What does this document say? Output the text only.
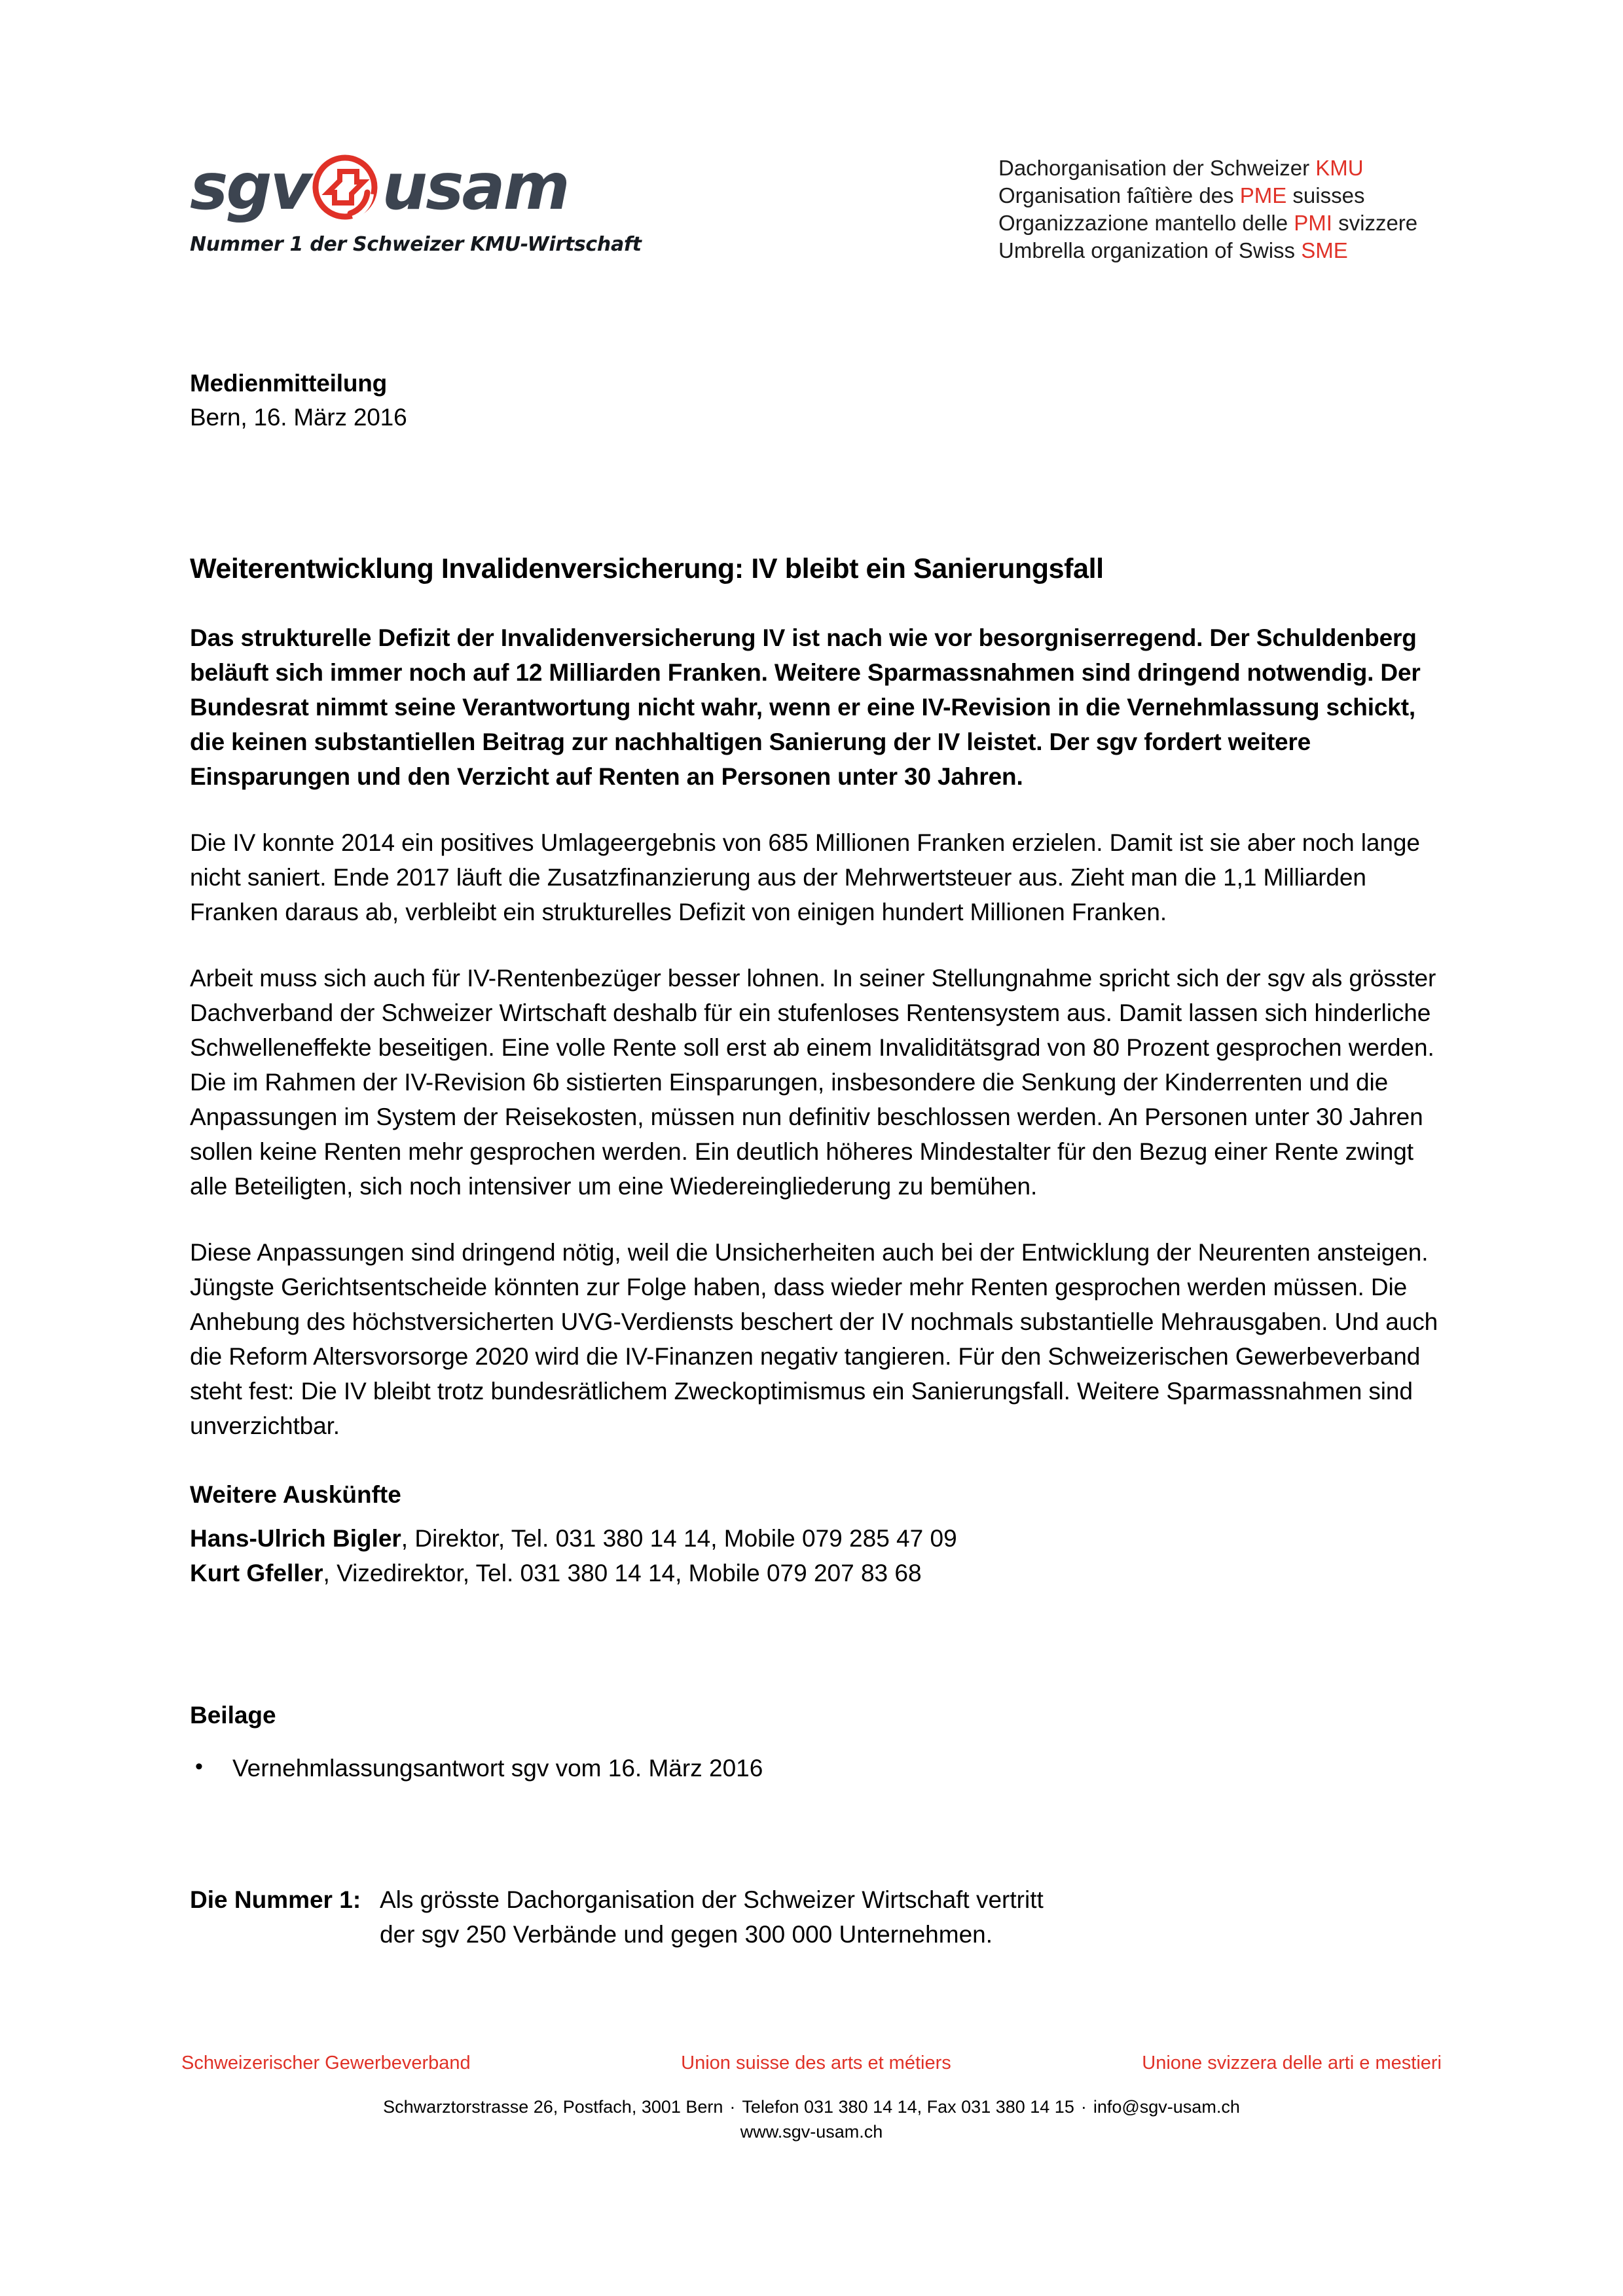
sgv usam
Nummer 1 der Schweizer KMU-Wirtschaft
Dachorganisation der Schweizer KMU
Organisation faîtière des PME suisses
Organizzazione mantello delle PMI svizzere
Umbrella organization of Swiss SME
Medienmitteilung
Bern, 16. März 2016
Weiterentwicklung Invalidenversicherung: IV bleibt ein Sanierungsfall
Das strukturelle Defizit der Invalidenversicherung IV ist nach wie vor besorgniserregend. Der Schuldenberg beläuft sich immer noch auf 12 Milliarden Franken. Weitere Sparmassnahmen sind dringend notwendig. Der Bundesrat nimmt seine Verantwortung nicht wahr, wenn er eine IV-Revision in die Vernehmlassung schickt, die keinen substantiellen Beitrag zur nachhaltigen Sanierung der IV leistet. Der sgv fordert weitere Einsparungen und den Verzicht auf Renten an Personen unter 30 Jahren.

Die IV konnte 2014 ein positives Umlageergebnis von 685 Millionen Franken erzielen. Damit ist sie aber noch lange nicht saniert. Ende 2017 läuft die Zusatzfinanzierung aus der Mehrwertsteuer aus. Zieht man die 1,1 Milliarden Franken daraus ab, verbleibt ein strukturelles Defizit von einigen hundert Millionen Franken.

Arbeit muss sich auch für IV-Rentenbezüger besser lohnen. In seiner Stellungnahme spricht sich der sgv als grösster Dachverband der Schweizer Wirtschaft deshalb für ein stufenloses Rentensystem aus. Damit lassen sich hinderliche Schwelleneffekte beseitigen. Eine volle Rente soll erst ab einem Invaliditätsgrad von 80 Prozent gesprochen werden. Die im Rahmen der IV-Revision 6b sistierten Einsparungen, insbesondere die Senkung der Kinderrenten und die Anpassungen im System der Reisekosten, müssen nun definitiv beschlossen werden. An Personen unter 30 Jahren sollen keine Renten mehr gesprochen werden. Ein deutlich höheres Mindestalter für den Bezug einer Rente zwingt alle Beteiligten, sich noch intensiver um eine Wiedereingliederung zu bemühen.

Diese Anpassungen sind dringend nötig, weil die Unsicherheiten auch bei der Entwicklung der Neurenten ansteigen. Jüngste Gerichtsentscheide könnten zur Folge haben, dass wieder mehr Renten gesprochen werden müssen. Die Anhebung des höchstversicherten UVG-Verdiensts beschert der IV nochmals substantielle Mehrausgaben. Und auch die Reform Altersvorsorge 2020 wird die IV-Finanzen negativ tangieren. Für den Schweizerischen Gewerbeverband steht fest: Die IV bleibt trotz bundesrätlichem Zweckoptimismus ein Sanierungsfall. Weitere Sparmassnahmen sind unverzichtbar.

Weitere Auskünfte
Hans-Ulrich Bigler, Direktor, Tel. 031 380 14 14, Mobile 079 285 47 09
Kurt Gfeller, Vizedirektor, Tel. 031 380 14 14, Mobile 079 207 83 68
Beilage
• Vernehmlassungsantwort sgv vom 16. März 2016
Die Nummer 1: Als grösste Dachorganisation der Schweizer Wirtschaft vertritt
der sgv 250 Verbände und gegen 300 000 Unternehmen.
Schweizerischer Gewerbeverband	Union suisse des arts et métiers	Unione svizzera delle arti e mestieri
Schwarztorstrasse 26, Postfach, 3001 Bern · Telefon 031 380 14 14, Fax 031 380 14 15 · info@sgv-usam.ch
www.sgv-usam.ch
